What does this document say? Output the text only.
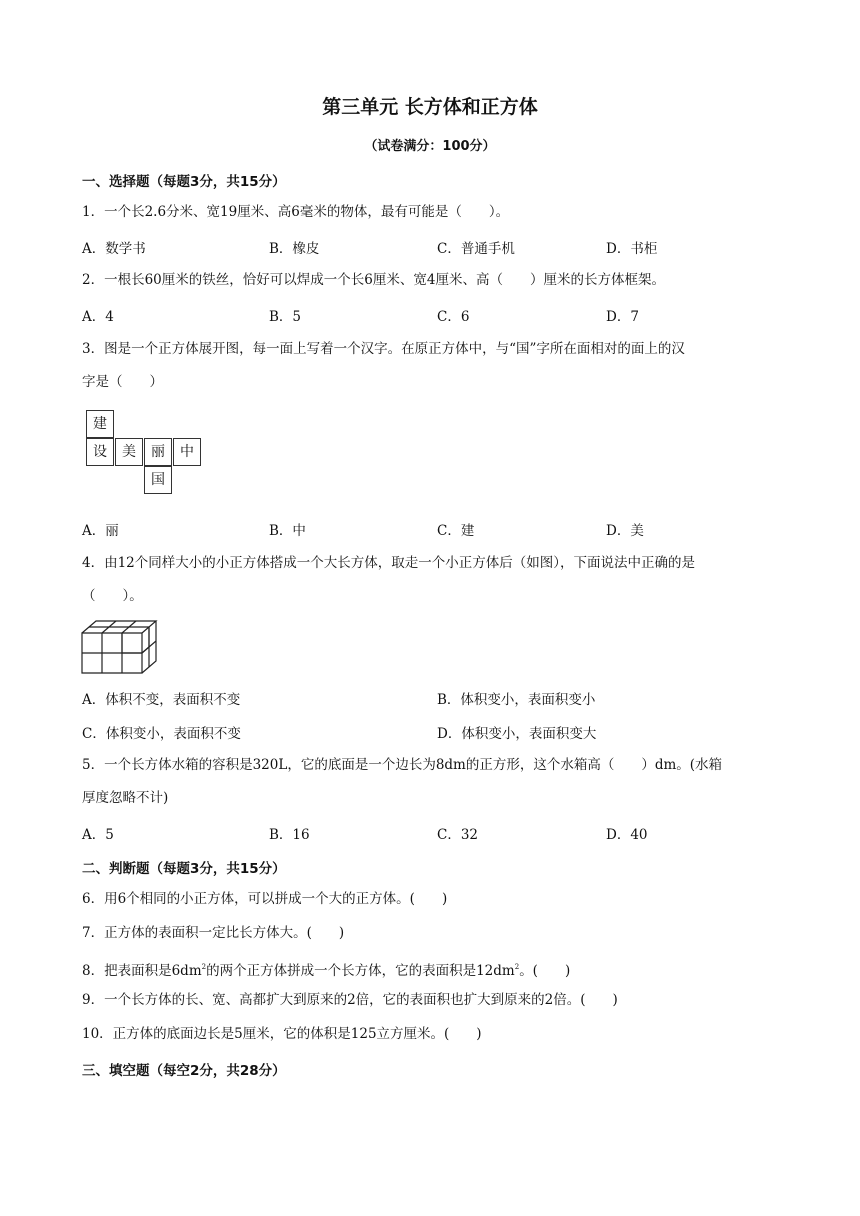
第三单元 长方体和正方体
（试卷满分：100分）
一、选择题（每题3分，共15分）
1．一个长2.6分米、宽19厘米、高6毫米的物体，最有可能是（　　）。
A．数学书	B．橡皮	C．普通手机	D．书柜
2．一根长60厘米的铁丝，恰好可以焊成一个长6厘米、宽4厘米、高（　　）厘米的长方体框架。
A．4	B．5	C．6	D．7
3．图是一个正方体展开图，每一面上写着一个汉字。在原正方体中，与“国”字所在面相对的面上的汉
字是（　　）
建
设	美	丽	中
国
A．丽	B．中	C．建	D．美
4．由12个同样大小的小正方体搭成一个大长方体，取走一个小正方体后（如图），下面说法中正确的是
（　　）。
A．体积不变，表面积不变	B．体积变小，表面积变小
C．体积变小，表面积不变	D．体积变小，表面积变大
5．一个长方体水箱的容积是320L，它的底面是一个边长为8dm的正方形，这个水箱高（　　）dm。(水箱
厚度忽略不计)
A．5	B．16	C．32	D．40
二、判断题（每题3分，共15分）
6．用6个相同的小正方体，可以拼成一个大的正方体。(　　)
7．正方体的表面积一定比长方体大。(　　)
8．把表面积是$6dm^2$的两个正方体拼成一个长方体，它的表面积是$12dm^2$。(　　)
9．一个长方体的长、宽、高都扩大到原来的2倍，它的表面积也扩大到原来的2倍。(　　)
10．正方体的底面边长是5厘米，它的体积是125立方厘米。(　　)
三、填空题（每空2分，共28分）
